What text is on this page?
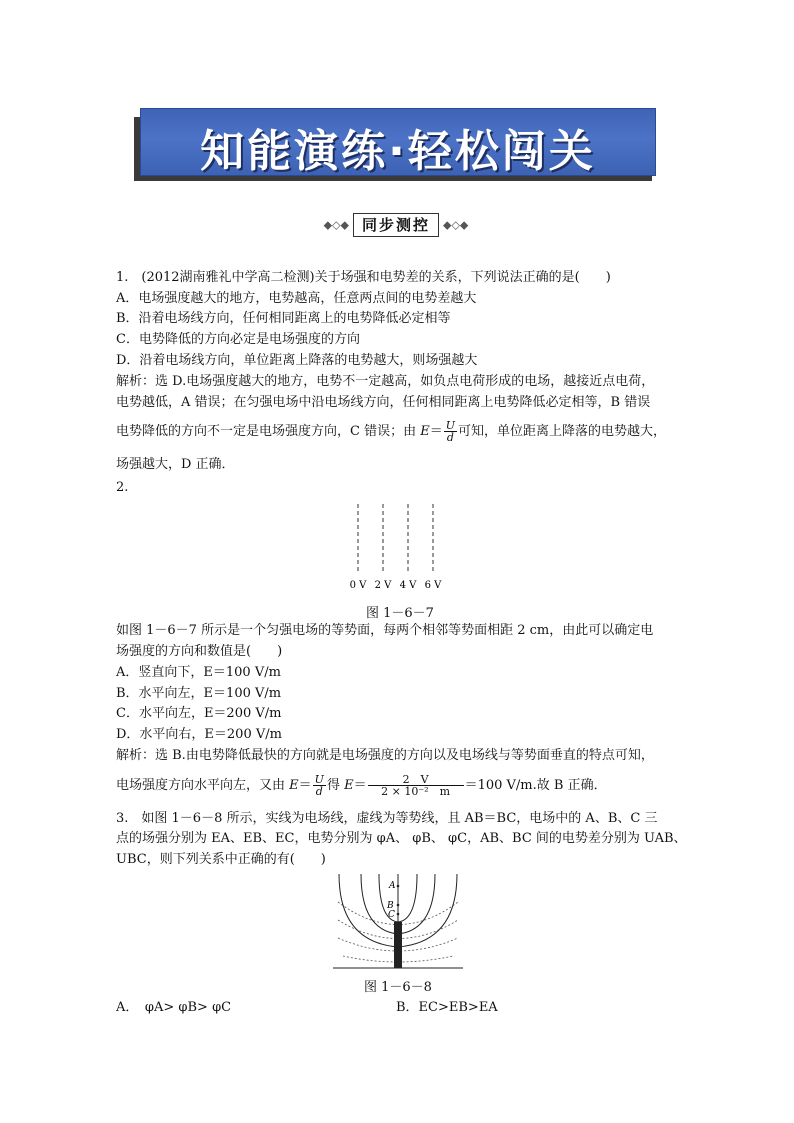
知能演练·轻松闯关
◆◇◆ 同步测控 ◆◇◆
1.　(2012湖南雅礼中学高二检测)关于场强和电势差的关系，下列说法正确的是(　　)
A．电场强度越大的地方，电势越高，任意两点间的电势差越大
B．沿着电场线方向，任何相同距离上的电势降低必定相等
C．电势降低的方向必定是电场强度的方向
D．沿着电场线方向，单位距离上降落的电势越大，则场强越大
解析：选 D.电场强度越大的地方，电势不一定越高，如负点电荷形成的电场，越接近点电荷，
电势越低，A 错误；在匀强电场中沿电场线方向，任何相同距离上电势降低必定相等，B 错误
电势降低的方向不一定是电场强度方向，C 错误；由 $E= \frac{U}{d}$ 可知，单位距离上降落的电势越大，
场强越大，D 正确．
2.
0 V 2 V 4 V 6 V
图 1－6－7
如图 1－6－7 所示是一个匀强电场的等势面，每两个相邻等势面相距 2 cm，由此可以确定电
场强度的方向和数值是(　　)
A．竖直向下，E＝100 V/m
B．水平向左，E＝100 V/m
C．水平向左，E＝200 V/m
D．水平向右，E＝200 V/m
解析：选 B.由电势降低最快的方向就是电场强度的方向以及电场线与等势面垂直的特点可知，
电场强度方向水平向左，又由 $E= \frac{U}{d}$ 得 $E= \frac{2 V}{\text{2 × 10⁻²　m}} =100$ V/m.故 B 正确．
3.　如图 1－6－8 所示，实线为电场线，虚线为等势线，且 AB＝BC，电场中的 A、B、C 三
点的场强分别为 EA、EB、EC，电势分别为 φA、 φB、 φC，AB、BC 间的电势差分别为 UAB、
UBC，则下列关系中正确的有(　　)
A
B
C
图 1－6－8
A．　φA> φB> φC	B．EC>EB>EA
